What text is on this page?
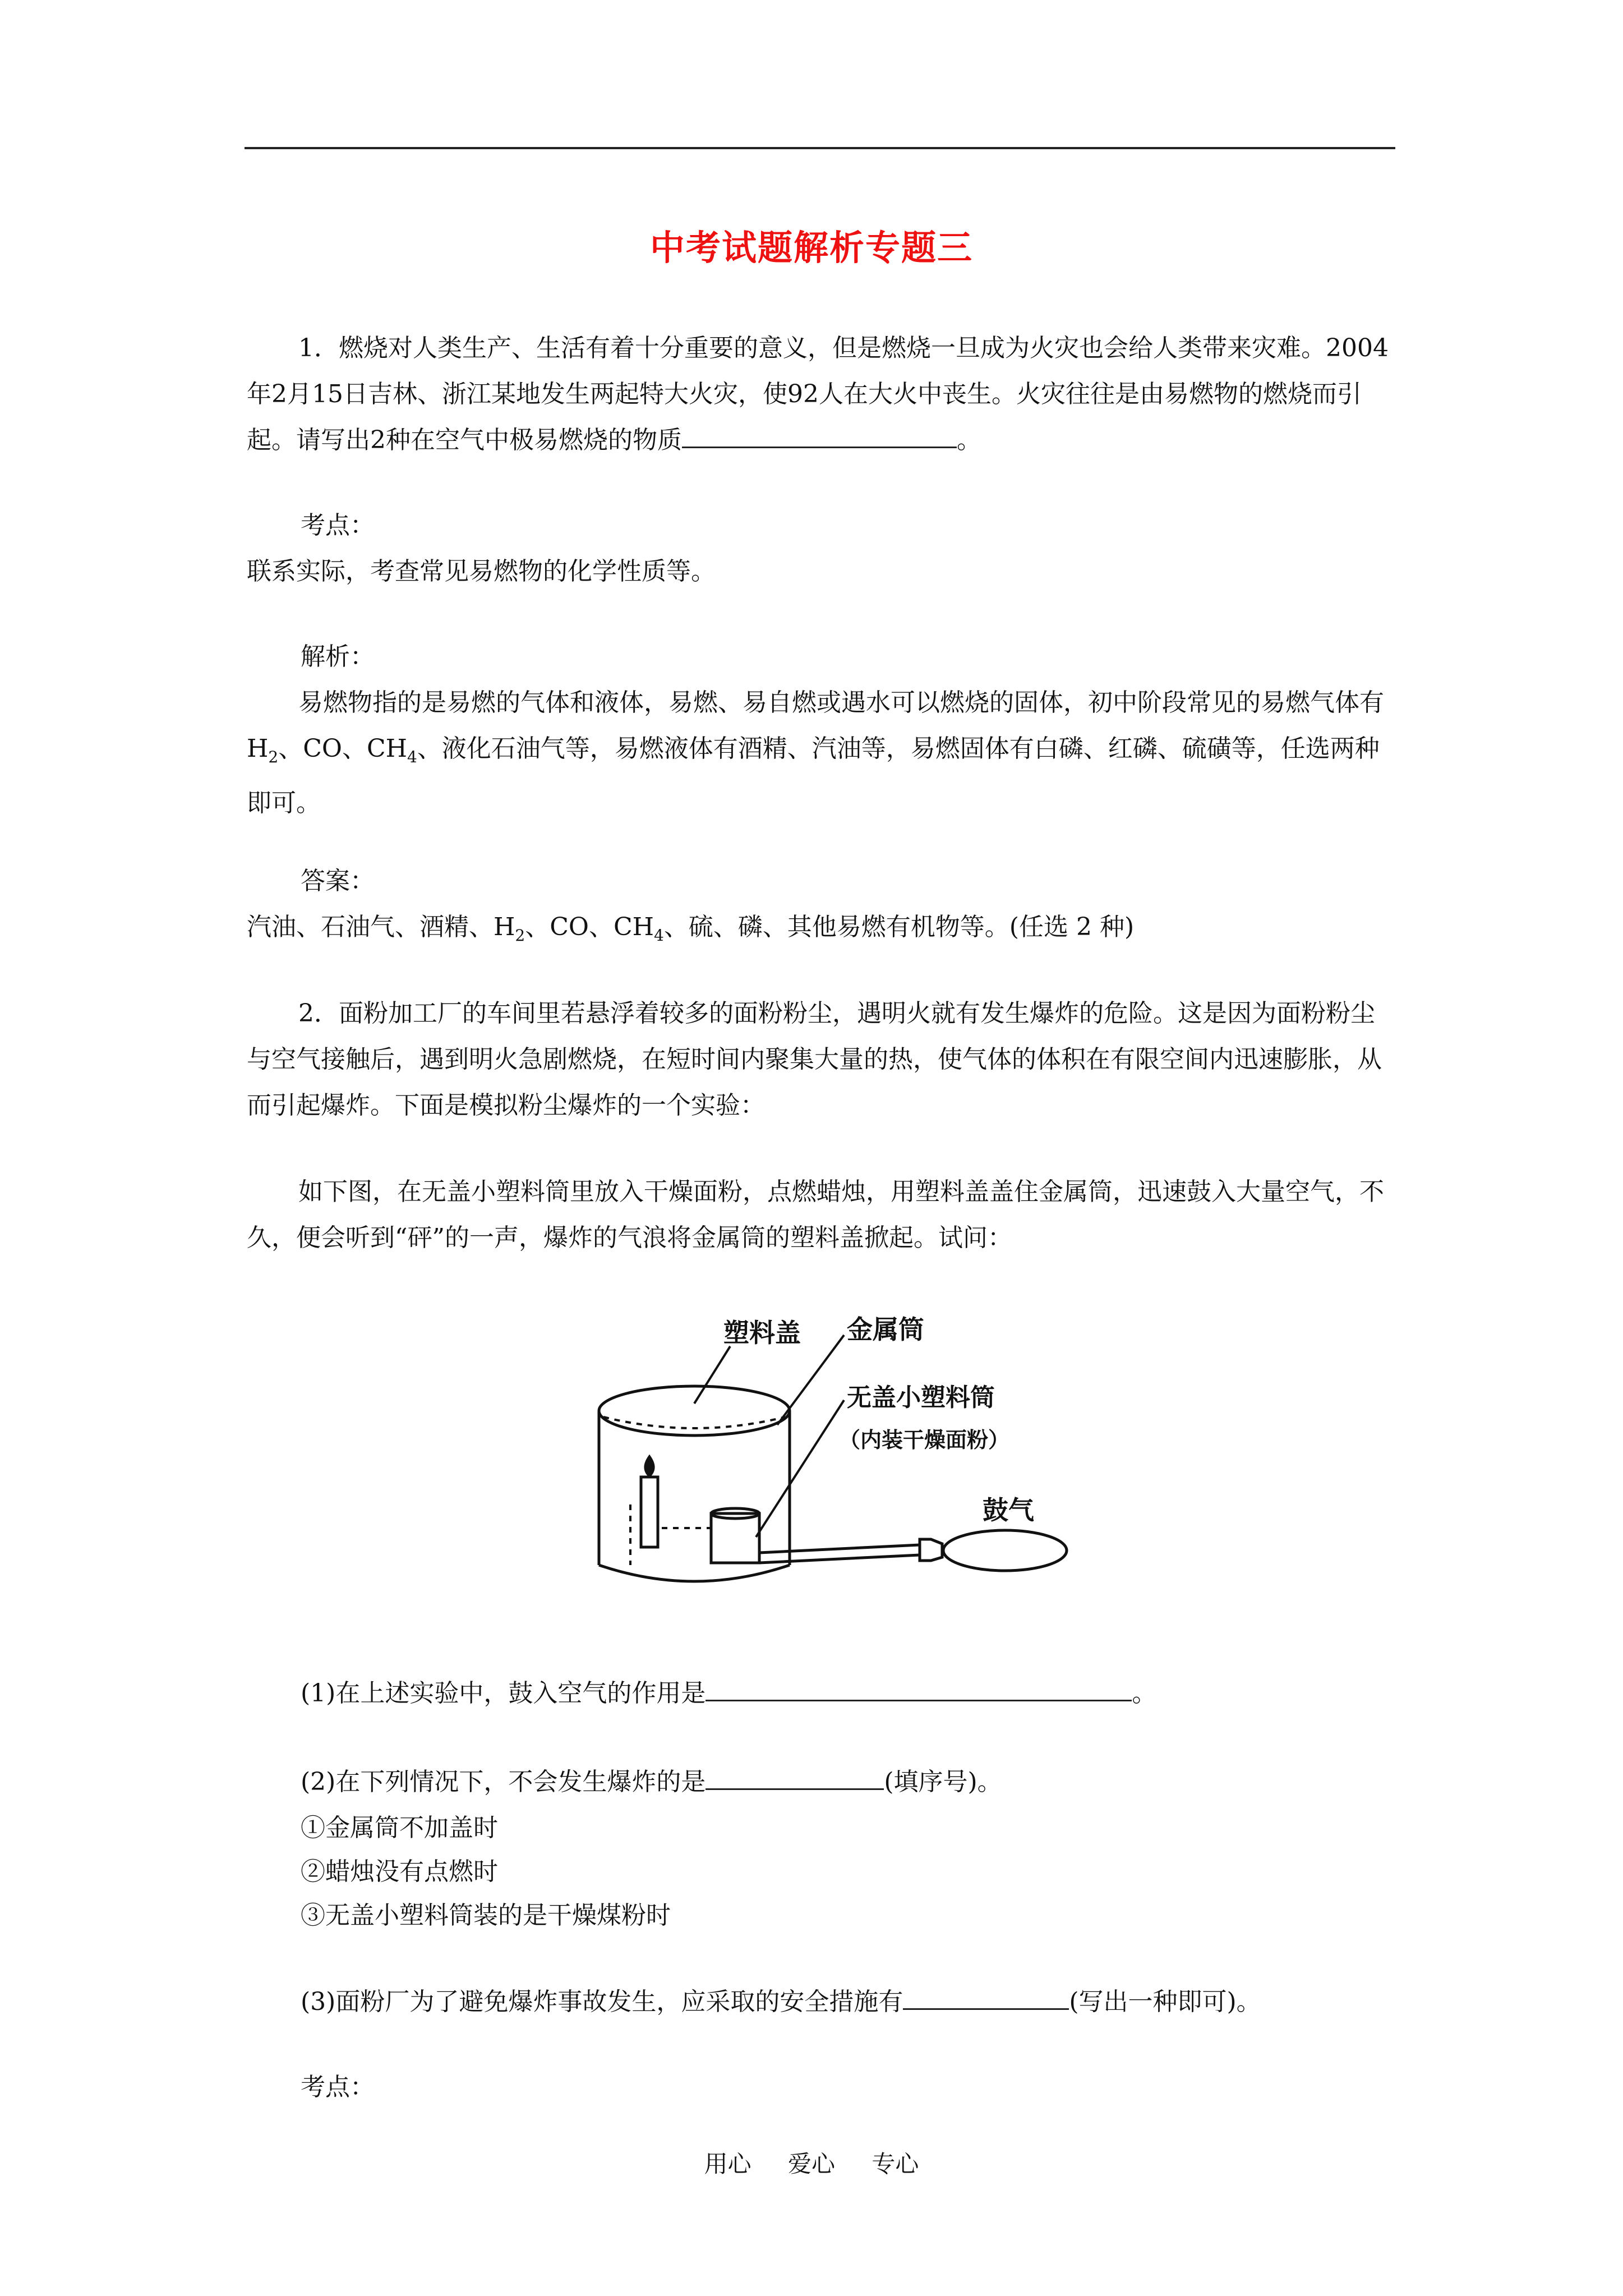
中考试题解析专题三

1．燃烧对人类生产、生活有着十分重要的意义，但是燃烧一旦成为火灾也会给人类带来灾难。2004年2月15日吉林、浙江某地发生两起特大火灾，使92人在大火中丧生。火灾往往是由易燃物的燃烧而引起。请写出2种在空气中极易燃烧的物质	。

考点：

联系实际，考查常见易燃物的化学性质等。

解析：

易燃物指的是易燃的气体和液体，易燃、易自燃或遇水可以燃烧的固体，初中阶段常见的易燃气体有 $H_2$、CO、$CH_4$、液化石油气等，易燃液体有酒精、汽油等，易燃固体有白磷、红磷、硫磺等，任选两种即可。

答案：

汽油、石油气、酒精、$H_2$、CO、$CH_4$、硫、磷、其他易燃有机物等。(任选 2 种)

2．面粉加工厂的车间里若悬浮着较多的面粉粉尘，遇明火就有发生爆炸的危险。这是因为面粉粉尘与空气接触后，遇到明火急剧燃烧，在短时间内聚集大量的热，使气体的体积在有限空间内迅速膨胀，从而引起爆炸。下面是模拟粉尘爆炸的一个实验：

如下图，在无盖小塑料筒里放入干燥面粉，点燃蜡烛，用塑料盖盖住金属筒，迅速鼓入大量空气，不久，便会听到“砰”的一声，爆炸的气浪将金属筒的塑料盖掀起。试问：

塑料盖 金属筒
无盖小塑料筒
（内装干燥面粉）
鼓气

(1)在上述实验中，鼓入空气的作用是	。

(2)在下列情况下，不会发生爆炸的是	(填序号)。

①金属筒不加盖时

②蜡烛没有点燃时

③无盖小塑料筒装的是干燥煤粉时

(3)面粉厂为了避免爆炸事故发生，应采取的安全措施有	(写出一种即可)。

考点：

用心 爱心 专心
